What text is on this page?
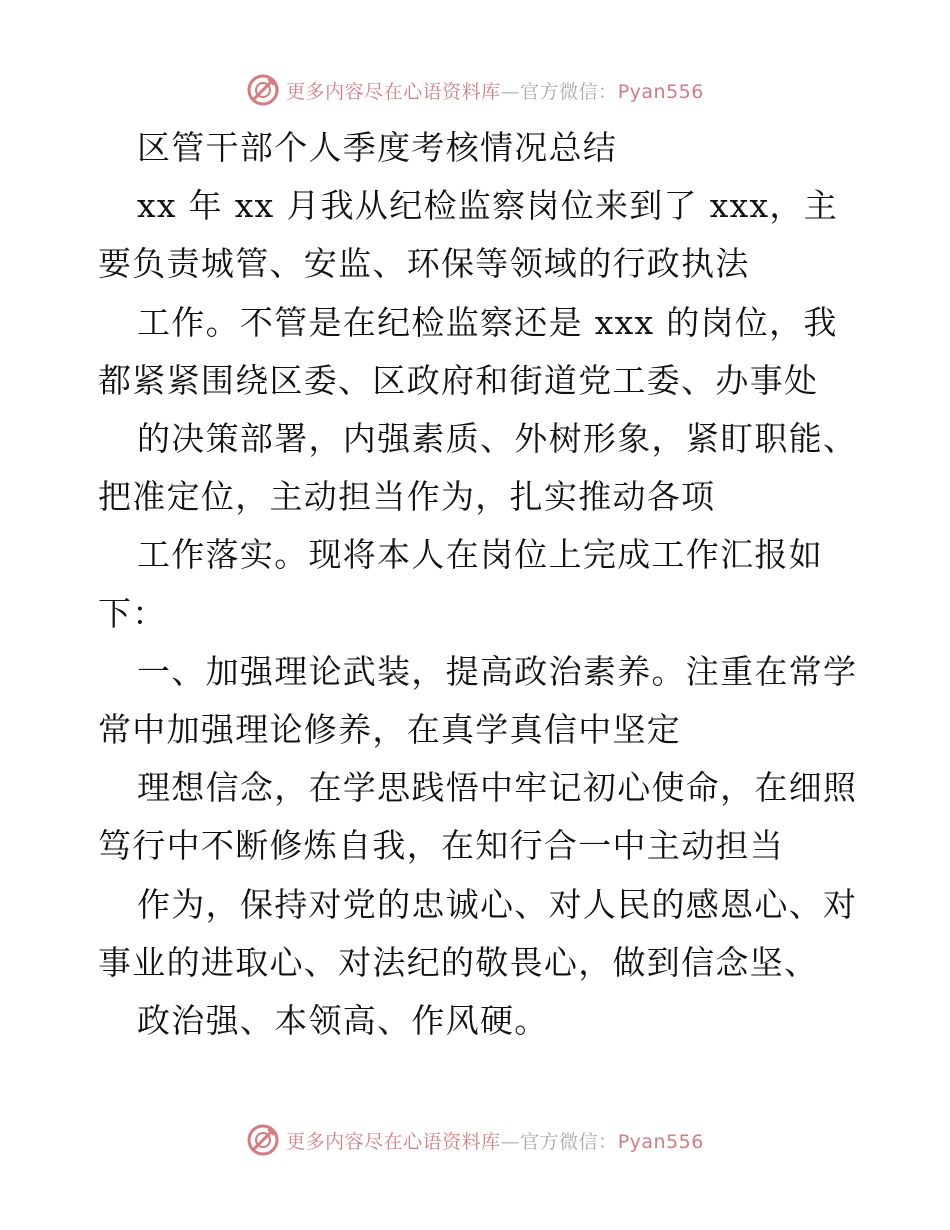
更多内容尽在心语资料库—官方微信：Pyan556
区管干部个人季度考核情况总结
xx 年 xx 月我从纪检监察岗位来到了 xxx，主
要负责城管、安监、环保等领域的行政执法
工作。不管是在纪检监察还是 xxx 的岗位，我
都紧紧围绕区委、区政府和街道党工委、办事处
的决策部署，内强素质、外树形象，紧盯职能、
把准定位，主动担当作为，扎实推动各项
工作落实。现将本人在岗位上完成工作汇报如
下：
一、加强理论武装，提高政治素养。注重在常学
常中加强理论修养，在真学真信中坚定
理想信念，在学思践悟中牢记初心使命，在细照
笃行中不断修炼自我，在知行合一中主动担当
作为，保持对党的忠诚心、对人民的感恩心、对
事业的进取心、对法纪的敬畏心，做到信念坚、
政治强、本领高、作风硬。
更多内容尽在心语资料库—官方微信：Pyan556
